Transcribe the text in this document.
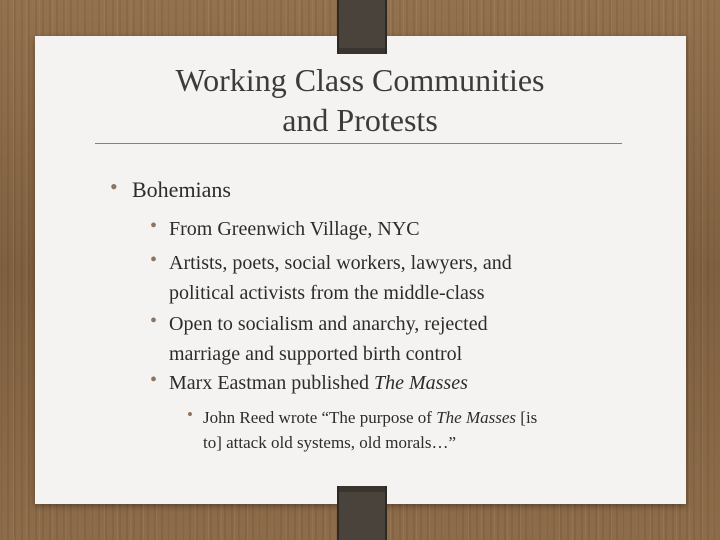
Working Class Communities
and Protests
• Bohemians
• From Greenwich Village, NYC
• Artists, poets, social workers, lawyers, and
political activists from the middle-class
• Open to socialism and anarchy, rejected
marriage and supported birth control
• Marx Eastman published The Masses
• John Reed wrote “The purpose of The Masses [is
to] attack old systems, old morals…”
